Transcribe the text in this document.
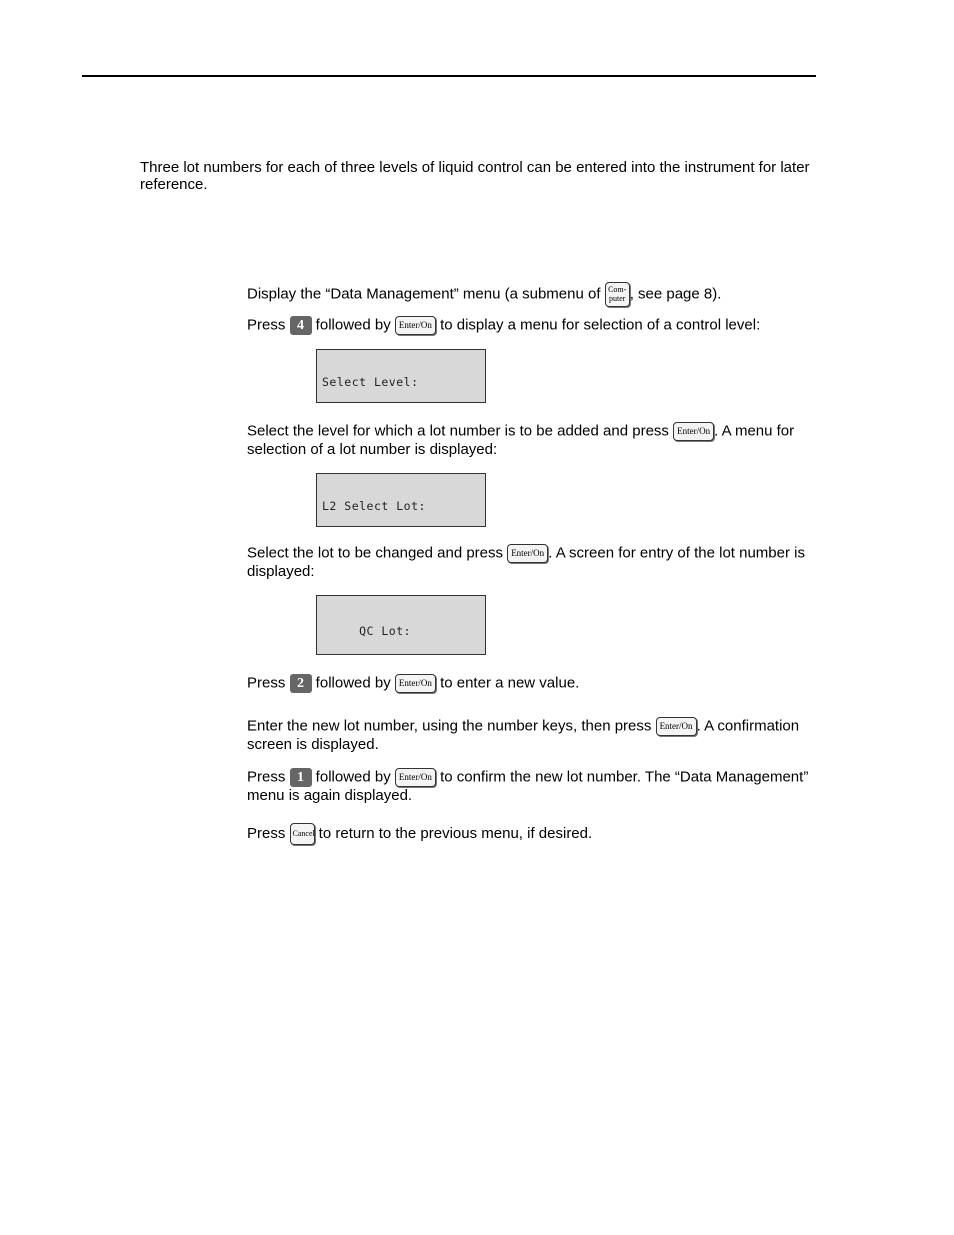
Three lot numbers for each of three levels of liquid control can be entered into the instrument for later reference.

Display the “Data Management” menu (a submenu of Com-
puter , see page 8).

Press 4 followed by Enter/On to display a menu for selection of a control level:

Select Level:

Select the level for which a lot number is to be added and press Enter/On . A menu for selection of a lot number is displayed:

L2 Select Lot:

Select the lot to be changed and press Enter/On . A screen for entry of the lot number is displayed:

QC Lot:

Press 2 followed by Enter/On to enter a new value.

Enter the new lot number, using the number keys, then press Enter/On . A confirmation screen is displayed.

Press 1 followed by Enter/On to confirm the new lot number. The “Data Management” menu is again displayed.

Press Cancel to return to the previous menu, if desired.
